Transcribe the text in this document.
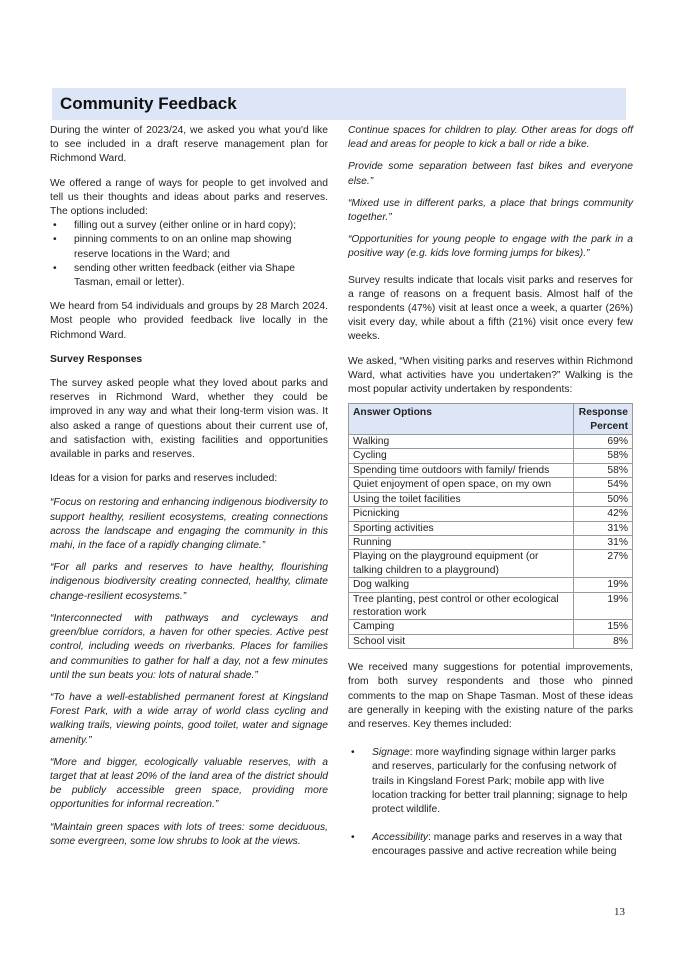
Community Feedback

During the winter of 2023/24, we asked you what you'd like to see included in a draft reserve management plan for Richmond Ward.

We offered a range of ways for people to get involved and tell us their thoughts and ideas about parks and reserves. The options included:

• filling out a survey (either online or in hard copy);
• pinning comments to on an online map showing reserve locations in the Ward; and
• sending other written feedback (either via Shape Tasman, email or letter).

We heard from 54 individuals and groups by 28 March 2024. Most people who provided feedback live locally in the Richmond Ward.

Survey Responses

The survey asked people what they loved about parks and reserves in Richmond Ward, whether they could be improved in any way and what their long-term vision was. It also asked a range of questions about their current use of, and satisfaction with, existing facilities and opportunities available in parks and reserves.

Ideas for a vision for parks and reserves included:

“Focus on restoring and enhancing indigenous biodiversity to support healthy, resilient ecosystems, creating connections across the landscape and engaging the community in this mahi, in the face of a rapidly changing climate.”

“For all parks and reserves to have healthy, flourishing indigenous biodiversity creating connected, healthy, climate change-resilient ecosystems.”

“Interconnected with pathways and cycleways and green/blue corridors, a haven for other species. Active pest control, including weeds on riverbanks. Places for families and communities to gather for half a day, not a few minutes until the sun beats you: lots of natural shade.”

“To have a well-established permanent forest at Kingsland Forest Park, with a wide array of world class cycling and walking trails, viewing points, good toilet, water and signage amenity.”

“More and bigger, ecologically valuable reserves, with a target that at least 20% of the land area of the district should be publicly accessible green space, providing more opportunities for informal recreation.”

“Maintain green spaces with lots of trees: some deciduous, some evergreen, some low shrubs to look at the views.

Continue spaces for children to play. Other areas for dogs off lead and areas for people to kick a ball or ride a bike.

Provide some separation between fast bikes and everyone else.”

“Mixed use in different parks, a place that brings community together.”

“Opportunities for young people to engage with the park in a positive way (e.g. kids love forming jumps for bikes).”

Survey results indicate that locals visit parks and reserves for a range of reasons on a frequent basis. Almost half of the respondents (47%) visit at least once a week, a quarter (26%) visit every day, while about a fifth (21%) visit once every few weeks.

We asked, “When visiting parks and reserves within Richmond Ward, what activities have you undertaken?” Walking is the most popular activity undertaken by respondents:

Answer Options	Response Percent
Walking	69%
Cycling	58%
Spending time outdoors with family/ friends	58%
Quiet enjoyment of open space, on my own	54%
Using the toilet facilities	50%
Picnicking	42%
Sporting activities	31%
Running	31%
Playing on the playground equipment (or talking children to a playground)	27%
Dog walking	19%
Tree planting, pest control or other ecological restoration work	19%
Camping	15%
School visit	8%

We received many suggestions for potential improvements, from both survey respondents and those who pinned comments to the map on Shape Tasman. Most of these ideas are generally in keeping with the existing nature of the parks and reserves. Key themes included:

• Signage: more wayfinding signage within larger parks and reserves, particularly for the confusing network of trails in Kingsland Forest Park; mobile app with live location tracking for better trail planning; signage to help protect wildlife.
• Accessibility: manage parks and reserves in a way that encourages passive and active recreation while being
13
